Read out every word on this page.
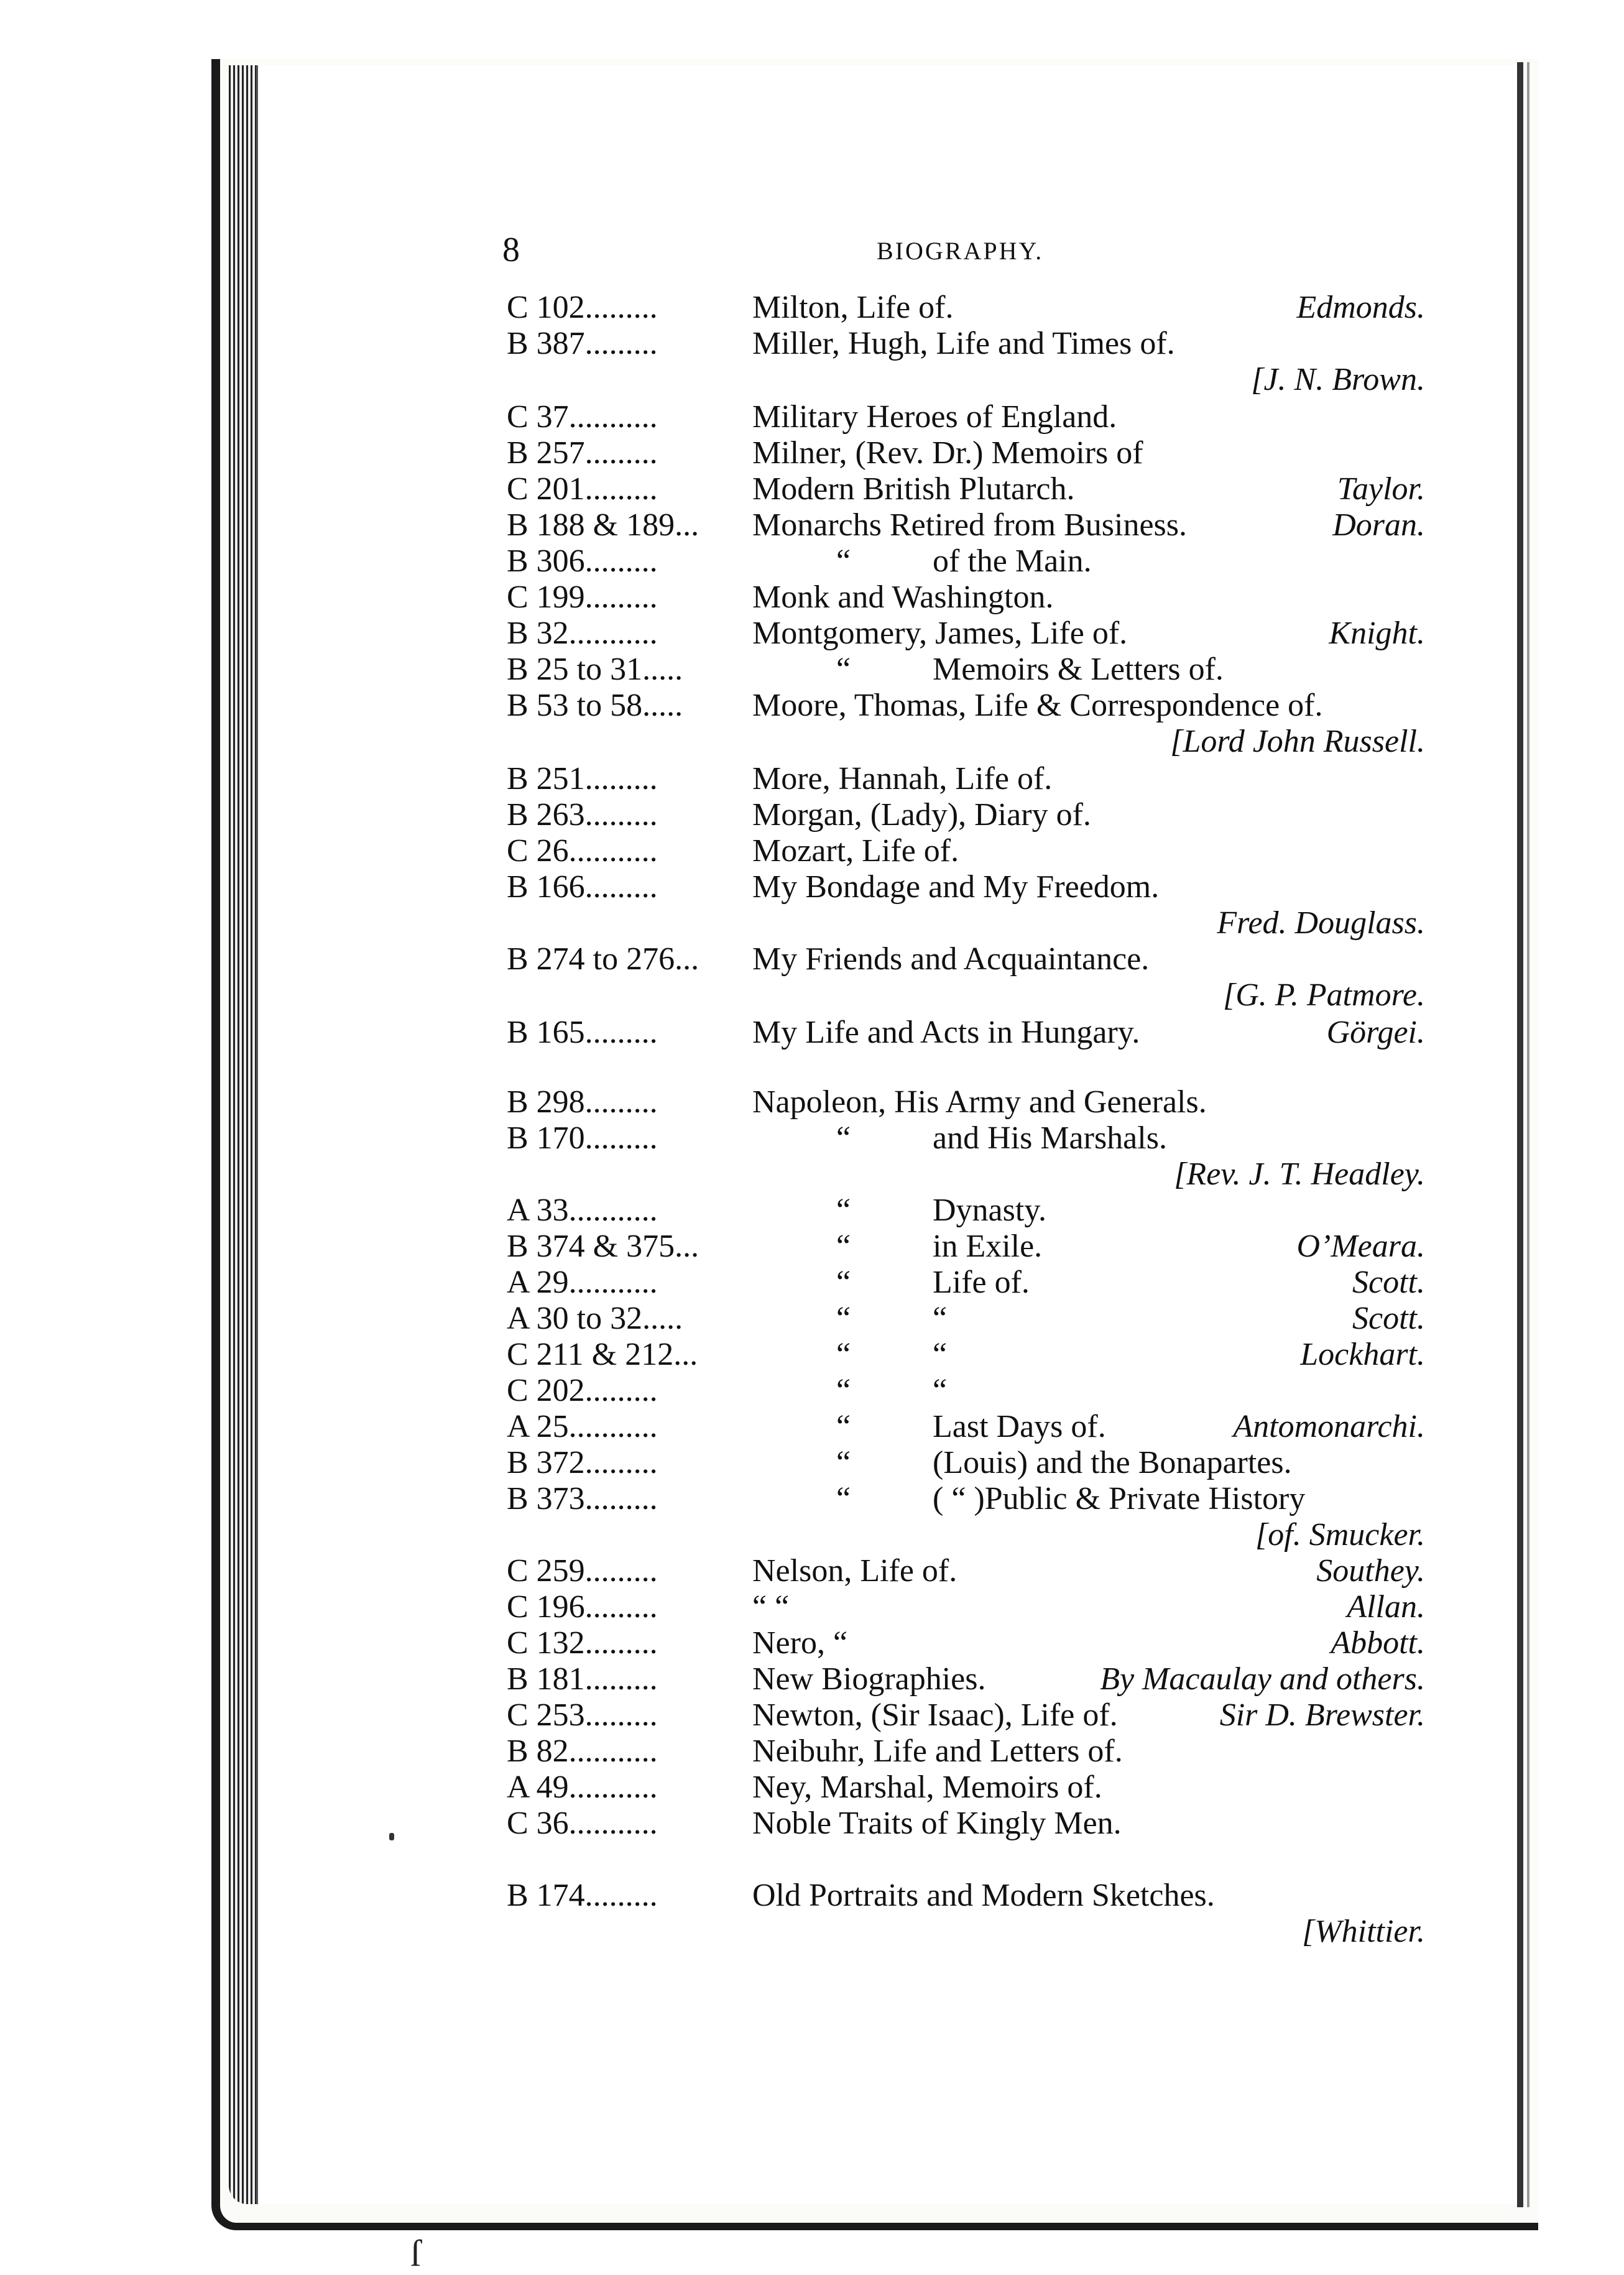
ſ
8	BIOGRAPHY.
C 102.........	Milton, Life of.	Edmonds.
B 387.........	Miller, Hugh, Life and Times of.
[J. N. Brown.
C 37...........	Military Heroes of England.
B 257.........	Milner, (Rev. Dr.) Memoirs of
C 201.........	Modern British Plutarch.	Taylor.
B 188 & 189... Monarchs Retired from Business.	Doran.
B 306.........	“	of the Main.
C 199.........	Monk and Washington.
B 32...........	Montgomery, James, Life of.	Knight.
B 25 to 31.....	“	Memoirs & Letters of.
B 53 to 58..... Moore, Thomas, Life & Correspondence of.
[Lord John Russell.
B 251.........	More, Hannah, Life of.
B 263.........	Morgan, (Lady), Diary of.
C 26...........	Mozart, Life of.
B 166.........	My Bondage and My Freedom.
Fred. Douglass.
B 274 to 276... My Friends and Acquaintance.
[G. P. Patmore.
B 165.........	My Life and Acts in Hungary.	Görgei.
B 298.........	Napoleon, His Army and Generals.
B 170.........	“	and His Marshals.
[Rev. J. T. Headley.
A 33...........	“	Dynasty.
B 374 & 375...	“	in Exile.	O’Meara.
A 29...........	“	Life of.	Scott.
A 30 to 32.....	“	“	Scott.
C 211 & 212...	“	“	Lockhart.
C 202.........	“	“
A 25...........	“	Last Days of.	Antomonarchi.
B 372.........	“	(Louis) and the Bonapartes.
B 373.........	“	( “ )Public & Private History
[of. Smucker.
C 259.........	Nelson, Life of.	Southey.
C 196.........	“ “	Allan.
C 132.........	Nero, “	Abbott.
B 181.........	New Biographies.	By Macaulay and others.
C 253.........	Newton, (Sir Isaac), Life of.	Sir D. Brewster.
B 82...........	Neibuhr, Life and Letters of.
A 49...........	Ney, Marshal, Memoirs of.
C 36...........	Noble Traits of Kingly Men.
B 174.........	Old Portraits and Modern Sketches.
[Whittier.
